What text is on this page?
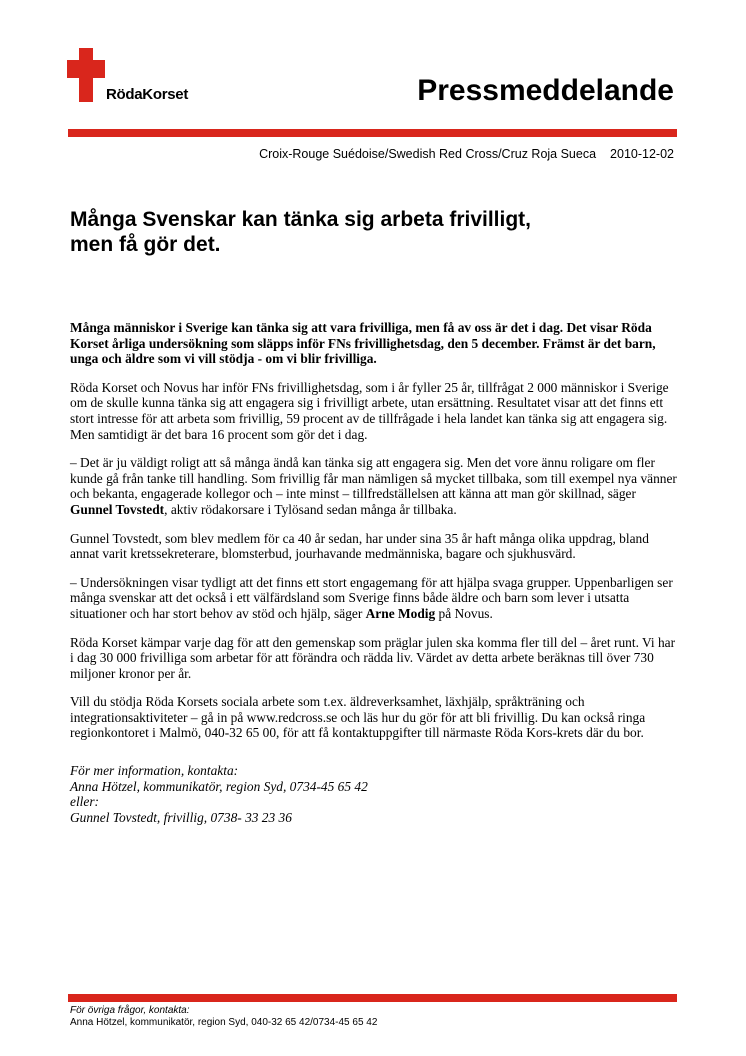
RödaKorset	Pressmeddelande
Croix-Rouge Suédoise/Swedish Red Cross/Cruz Roja Sueca 2010-12-02
Många Svenskar kan tänka sig arbeta frivilligt,
men få gör det.

Många människor i Sverige kan tänka sig att vara frivilliga, men få av oss är det i dag. Det visar Röda Korset årliga undersökning som släpps inför FNs frivillighetsdag, den 5 december. Främst är det barn, unga och äldre som vi vill stödja - om vi blir frivilliga.

Röda Korset och Novus har inför FNs frivillighetsdag, som i år fyller 25 år, tillfrågat 2 000 människor i Sverige om de skulle kunna tänka sig att engagera sig i frivilligt arbete, utan ersättning. Resultatet visar att det finns ett stort intresse för att arbeta som frivillig, 59 procent av de tillfrågade i hela landet kan tänka sig att engagera sig. Men samtidigt är det bara 16 procent som gör det i dag.

– Det är ju väldigt roligt att så många ändå kan tänka sig att engagera sig. Men det vore ännu roligare om fler kunde gå från tanke till handling. Som frivillig får man nämligen så mycket tillbaka, som till exempel nya vänner och bekanta, engagerade kollegor och – inte minst – tillfredställelsen att känna att man gör skillnad, säger Gunnel Tovstedt, aktiv rödakorsare i Tylösand sedan många år tillbaka.

Gunnel Tovstedt, som blev medlem för ca 40 år sedan, har under sina 35 år haft många olika uppdrag, bland annat varit kretssekreterare, blomsterbud, jourhavande medmänniska, bagare och sjukhusvärd.

– Undersökningen visar tydligt att det finns ett stort engagemang för att hjälpa svaga grupper. Uppenbarligen ser många svenskar att det också i ett välfärdsland som Sverige finns både äldre och barn som lever i utsatta situationer och har stort behov av stöd och hjälp, säger Arne Modig på Novus.

Röda Korset kämpar varje dag för att den gemenskap som präglar julen ska komma fler till del – året runt. Vi har i dag 30 000 frivilliga som arbetar för att förändra och rädda liv. Värdet av detta arbete beräknas till över 730 miljoner kronor per år.

Vill du stödja Röda Korsets sociala arbete som t.ex. äldreverksamhet, läxhjälp, språkträning och integrationsaktiviteter – gå in på www.redcross.se och läs hur du gör för att bli frivillig. Du kan också ringa regionkontoret i Malmö, 040-32 65 00, för att få kontaktuppgifter till närmaste Röda Kors-krets där du bor.

För mer information, kontakta:
Anna Hötzel, kommunikatör, region Syd, 0734-45 65 42
eller:
Gunnel Tovstedt, frivillig, 0738- 33 23 36

För övriga frågor, kontakta:
Anna Hötzel, kommunikatör, region Syd, 040-32 65 42/0734-45 65 42
